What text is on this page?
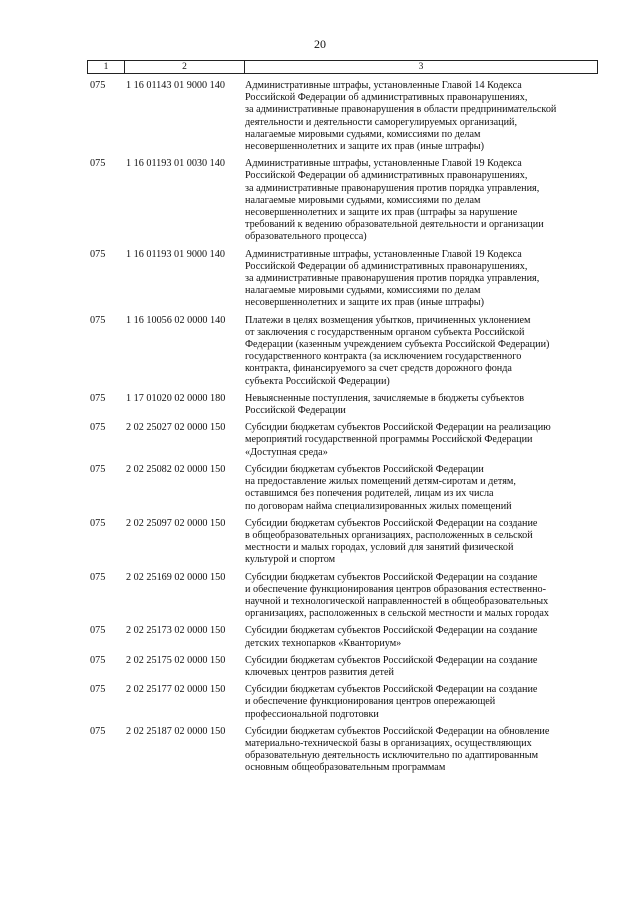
20
1	2	3
075	1 16 01143 01 9000 140	Административные штрафы, установленные Главой 14 Кодекса
Российской Федерации об административных правонарушениях,
за административные правонарушения в области предпринимательской
деятельности и деятельности саморегулируемых организаций,
налагаемые мировыми судьями, комиссиями по делам
несовершеннолетних и защите их прав (иные штрафы)
075	1 16 01193 01 0030 140	Административные штрафы, установленные Главой 19 Кодекса
Российской Федерации об административных правонарушениях,
за административные правонарушения против порядка управления,
налагаемые мировыми судьями, комиссиями по делам
несовершеннолетних и защите их прав (штрафы за нарушение
требований к ведению образовательной деятельности и организации
образовательного процесса)
075	1 16 01193 01 9000 140	Административные штрафы, установленные Главой 19 Кодекса
Российской Федерации об административных правонарушениях,
за административные правонарушения против порядка управления,
налагаемые мировыми судьями, комиссиями по делам
несовершеннолетних и защите их прав (иные штрафы)
075	1 16 10056 02 0000 140	Платежи в целях возмещения убытков, причиненных уклонением
от заключения с государственным органом субъекта Российской
Федерации (казенным учреждением субъекта Российской Федерации)
государственного контракта (за исключением государственного
контракта, финансируемого за счет средств дорожного фонда
субъекта Российской Федерации)
075	1 17 01020 02 0000 180	Невыясненные поступления, зачисляемые в бюджеты субъектов
Российской Федерации
075	2 02 25027 02 0000 150	Субсидии бюджетам субъектов Российской Федерации на реализацию
мероприятий государственной программы Российской Федерации
«Доступная среда»
075	2 02 25082 02 0000 150	Субсидии бюджетам субъектов Российской Федерации
на предоставление жилых помещений детям-сиротам и детям,
оставшимся без попечения родителей, лицам из их числа
по договорам найма специализированных жилых помещений
075	2 02 25097 02 0000 150	Субсидии бюджетам субъектов Российской Федерации на создание
в общеобразовательных организациях, расположенных в сельской
местности и малых городах, условий для занятий физической
культурой и спортом
075	2 02 25169 02 0000 150	Субсидии бюджетам субъектов Российской Федерации на создание
и обеспечение функционирования центров образования естественно-
научной и технологической направленностей в общеобразовательных
организациях, расположенных в сельской местности и малых городах
075	2 02 25173 02 0000 150	Субсидии бюджетам субъектов Российской Федерации на создание
детских технопарков «Кванториум»
075	2 02 25175 02 0000 150	Субсидии бюджетам субъектов Российской Федерации на создание
ключевых центров развития детей
075	2 02 25177 02 0000 150	Субсидии бюджетам субъектов Российской Федерации на создание
и обеспечение функционирования центров опережающей
профессиональной подготовки
075	2 02 25187 02 0000 150	Субсидии бюджетам субъектов Российской Федерации на обновление
материально-технической базы в организациях, осуществляющих
образовательную деятельность исключительно по адаптированным
основным общеобразовательным программам
